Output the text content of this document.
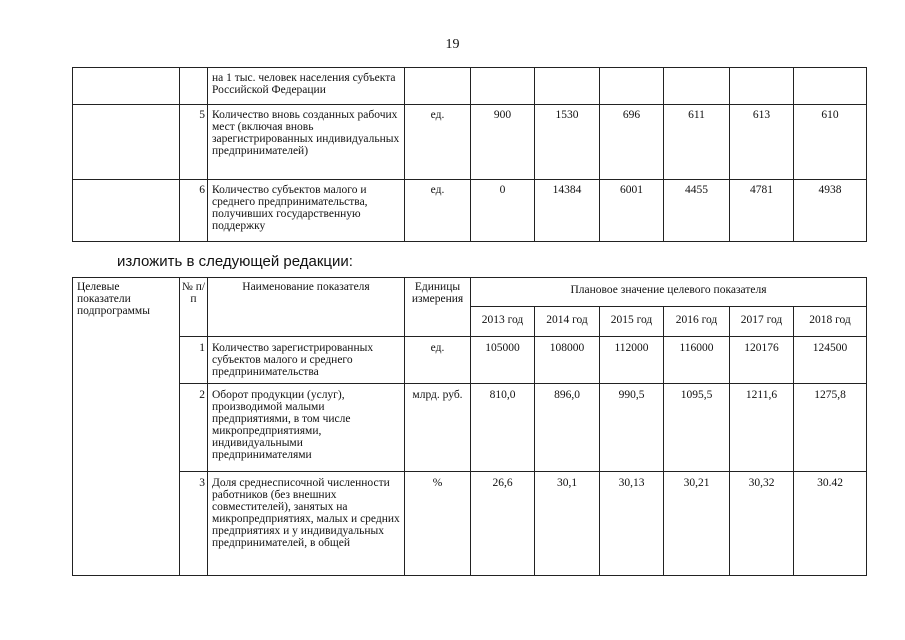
19
		на 1 тыс. человек населения субъекта Российской Федерации							
	5	Количество вновь созданных рабочих мест (включая вновь зарегистрированных индивидуальных предпринимателей)	ед.	900	1530	696	611	613	610
	6	Количество субъектов малого и среднего предпринимательства, получивших государственную поддержку	ед.	0	14384	6001	4455	4781	4938
изложить в следующей редакции:
Целевые показатели подпрограммы	№ п/п	Наименование показателя	Единицы измерения	Плановое значение целевого показателя					
				2013 год	2014 год	2015 год	2016 год	2017 год	2018 год
	1	Количество зарегистрированных субъектов малого и среднего предпринимательства	ед.	105000	108000	112000	116000	120176	124500
	2	Оборот продукции (услуг), производимой малыми предприятиями, в том числе микропредприятиями, индивидуальными предпринимателями	млрд. руб.	810,0	896,0	990,5	1095,5	1211,6	1275,8
	3	Доля среднесписочной численности работников (без внешних совместителей), занятых на микропредприятиях, малых и средних предприятиях и у индивидуальных предпринимателей, в общей	%	26,6	30,1	30,13	30,21	30,32	30.42
